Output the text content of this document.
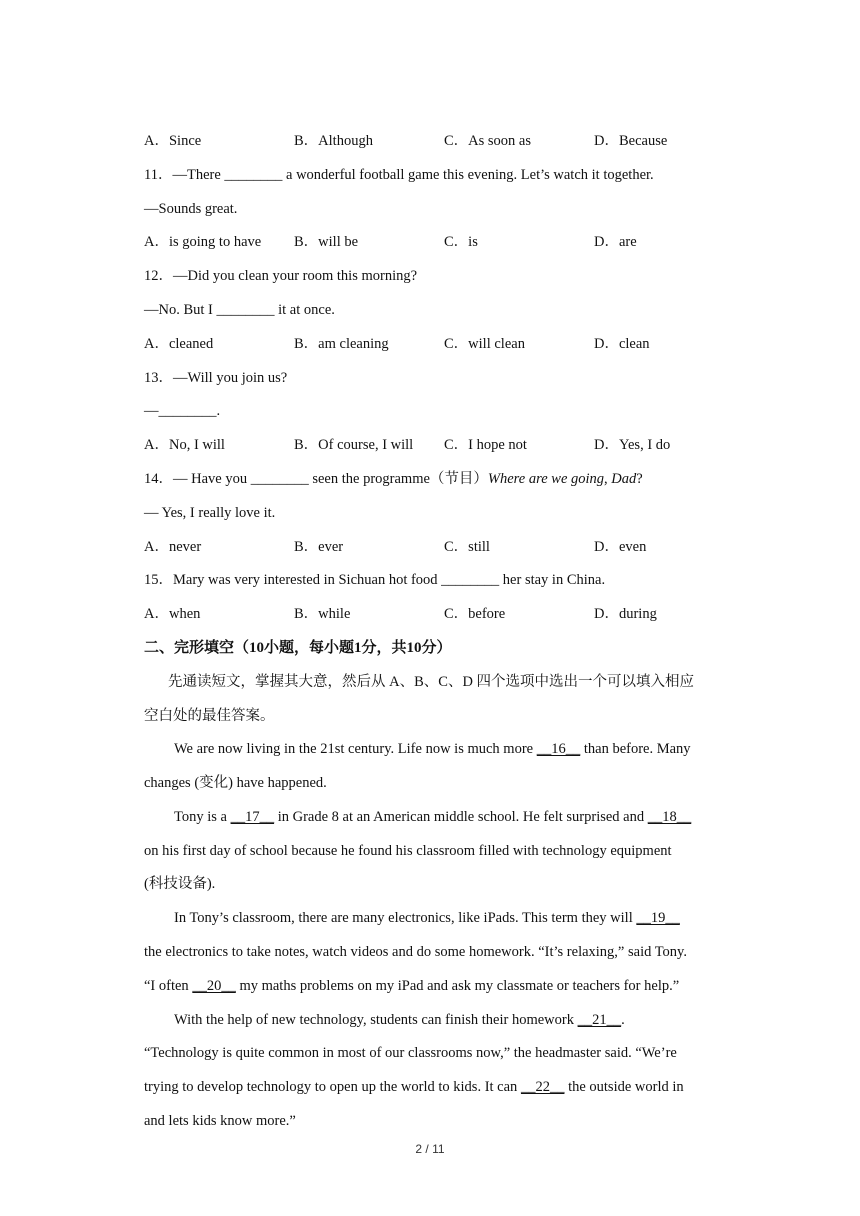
A．Since	B．Although	C．As soon as	D．Because
11．—There ________ a wonderful football game this evening. Let’s watch it together.
—Sounds great.
A．is going to have B．will be	C．is	D．are
12．—Did you clean your room this morning?
—No. But I ________ it at once.
A．cleaned	B．am cleaning	C．will clean	D．clean
13．—Will you join us?
—________.
A．No, I will	B．Of course, I will C．I hope not	D．Yes, I do
14．— Have you ________ seen the programme（节目）Where are we going, Dad?
— Yes, I really love it.
A．never	B．ever	C．still	D．even
15．Mary was very interested in Sichuan hot food ________ her stay in China.
A．when	B．while	C．before	D．during
二、完形填空（10小题，每小题1分，共10分）
先通读短文，掌握其大意，然后从 A、B、C、D 四个选项中选出一个可以填入相应
空白处的最佳答案。
We are now living in the 21st century. Life now is much more __16__ than before. Many
changes (变化) have happened.
Tony is a __17__ in Grade 8 at an American middle school. He felt surprised and __18__
on his first day of school because he found his classroom filled with technology equipment
(科技设备).
In Tony’s classroom, there are many electronics, like iPads. This term they will __19__
the electronics to take notes, watch videos and do some homework. “It’s relaxing,” said Tony.
“I often __20__ my maths problems on my iPad and ask my classmate or teachers for help.”
With the help of new technology, students can finish their homework __21__.
“Technology is quite common in most of our classrooms now,” the headmaster said. “We’re
trying to develop technology to open up the world to kids. It can __22__ the outside world in
and lets kids know more.”
2 / 11
